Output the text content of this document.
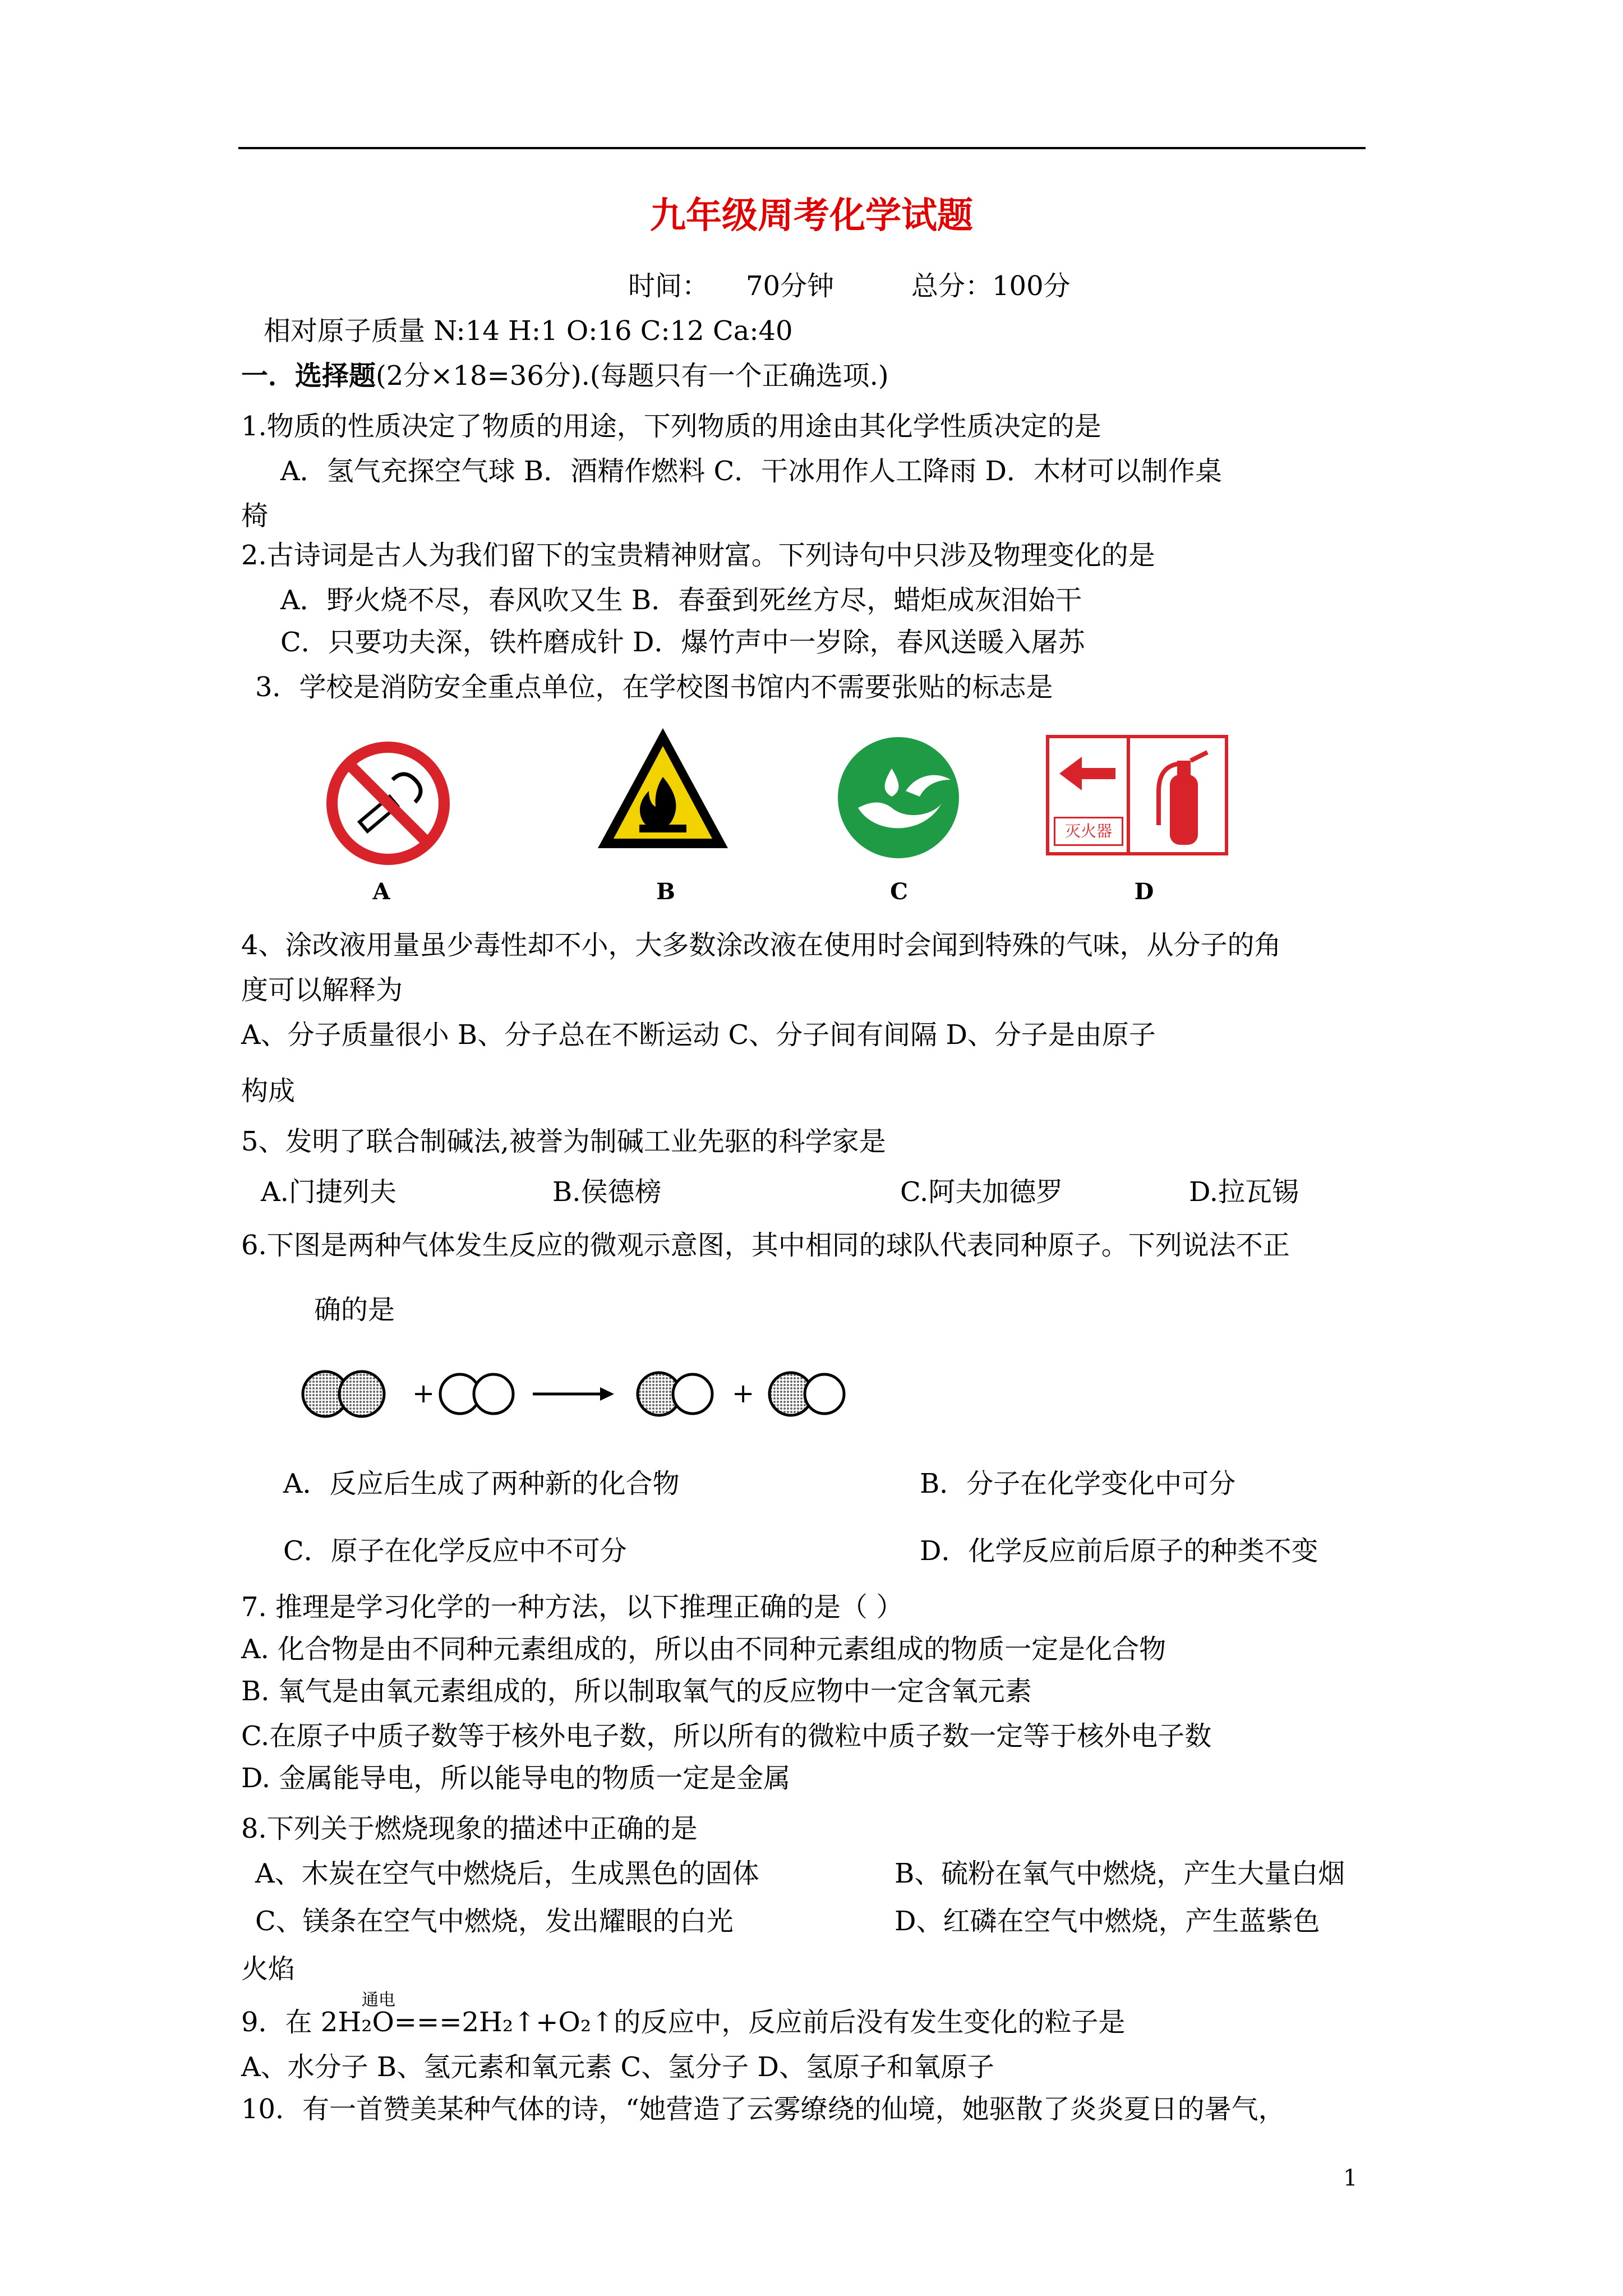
九年级周考化学试题
时间： 70分钟	总分：100分
相对原子质量 N:14 H:1 O:16 C:12 Ca:40
一．选择题(2分×18=36分).(每题只有一个正确选项.)
1.物质的性质决定了物质的用途，下列物质的用途由其化学性质决定的是
A．氢气充探空气球 B．酒精作燃料 C．干冰用作人工降雨 D．木材可以制作桌
椅
2.古诗词是古人为我们留下的宝贵精神财富。下列诗句中只涉及物理变化的是
A．野火烧不尽，春风吹又生 B．春蚕到死丝方尽，蜡炬成灰泪始干
C．只要功夫深，铁杵磨成针 D．爆竹声中一岁除，春风送暖入屠苏
3．学校是消防安全重点单位，在学校图书馆内不需要张贴的标志是
A	B	C
灭火器
D
4、涂改液用量虽少毒性却不小，大多数涂改液在使用时会闻到特殊的气味，从分子的角
度可以解释为
A、分子质量很小 B、分子总在不断运动 C、分子间有间隔 D、分子是由原子
构成
5、发明了联合制碱法,被誉为制碱工业先驱的科学家是
A.门捷列夫	B.侯德榜	C.阿夫加德罗	D.拉瓦锡
6.下图是两种气体发生反应的微观示意图，其中相同的球队代表同种原子。下列说法不正
确的是
+	+
A．反应后生成了两种新的化合物	B．分子在化学变化中可分
C．原子在化学反应中不可分	D．化学反应前后原子的种类不变
7. 推理是学习化学的一种方法，以下推理正确的是（ ）
A. 化合物是由不同种元素组成的，所以由不同种元素组成的物质一定是化合物
B. 氧气是由氧元素组成的，所以制取氧气的反应物中一定含氧元素
C.在原子中质子数等于核外电子数，所以所有的微粒中质子数一定等于核外电子数
D. 金属能导电，所以能导电的物质一定是金属
8.下列关于燃烧现象的描述中正确的是
A、木炭在空气中燃烧后，生成黑色的固体	B、硫粉在氧气中燃烧，产生大量白烟
C、镁条在空气中燃烧，发出耀眼的白光	D、红磷在空气中燃烧，产生蓝紫色
火焰
通电
9．在 2H₂O===2H₂↑+O₂↑的反应中，反应前后没有发生变化的粒子是
A、水分子 B、氢元素和氧元素 C、氢分子 D、氢原子和氧原子
10．有一首赞美某种气体的诗，“她营造了云雾缭绕的仙境，她驱散了炎炎夏日的暑气，
1
